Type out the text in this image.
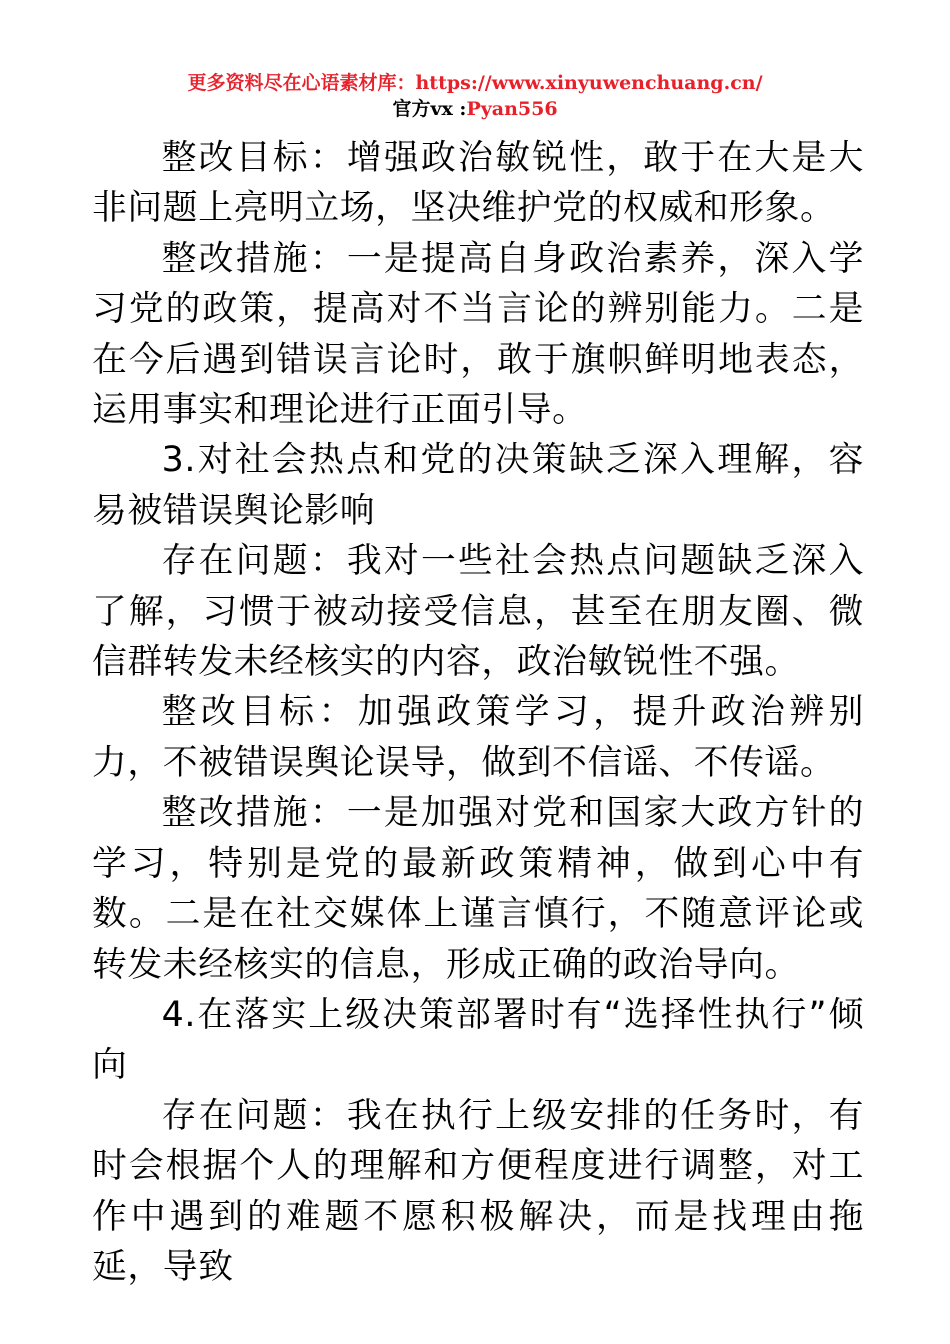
更多资料尽在心语素材库：https://www.xinyuwenchuang.cn/
官方vx :Pyan556

整改目标：增强政治敏锐性，敢于在大是大非问题上亮明立场，坚决维护党的权威和形象。

整改措施：一是提高自身政治素养，深入学习党的政策，提高对不当言论的辨别能力。二是在今后遇到错误言论时，敢于旗帜鲜明地表态，运用事实和理论进行正面引导。

3.对社会热点和党的决策缺乏深入理解，容易被错误舆论影响

存在问题：我对一些社会热点问题缺乏深入了解，习惯于被动接受信息，甚至在朋友圈、微信群转发未经核实的内容，政治敏锐性不强。

整改目标：加强政策学习，提升政治辨别力，不被错误舆论误导，做到不信谣、不传谣。

整改措施：一是加强对党和国家大政方针的学习，特别是党的最新政策精神，做到心中有数。二是在社交媒体上谨言慎行，不随意评论或转发未经核实的信息，形成正确的政治导向。

4.在落实上级决策部署时有“选择性执行”倾向

存在问题：我在执行上级安排的任务时，有时会根据个人的理解和方便程度进行调整，对工作中遇到的难题不愿积极解决，而是找理由拖延，导致
